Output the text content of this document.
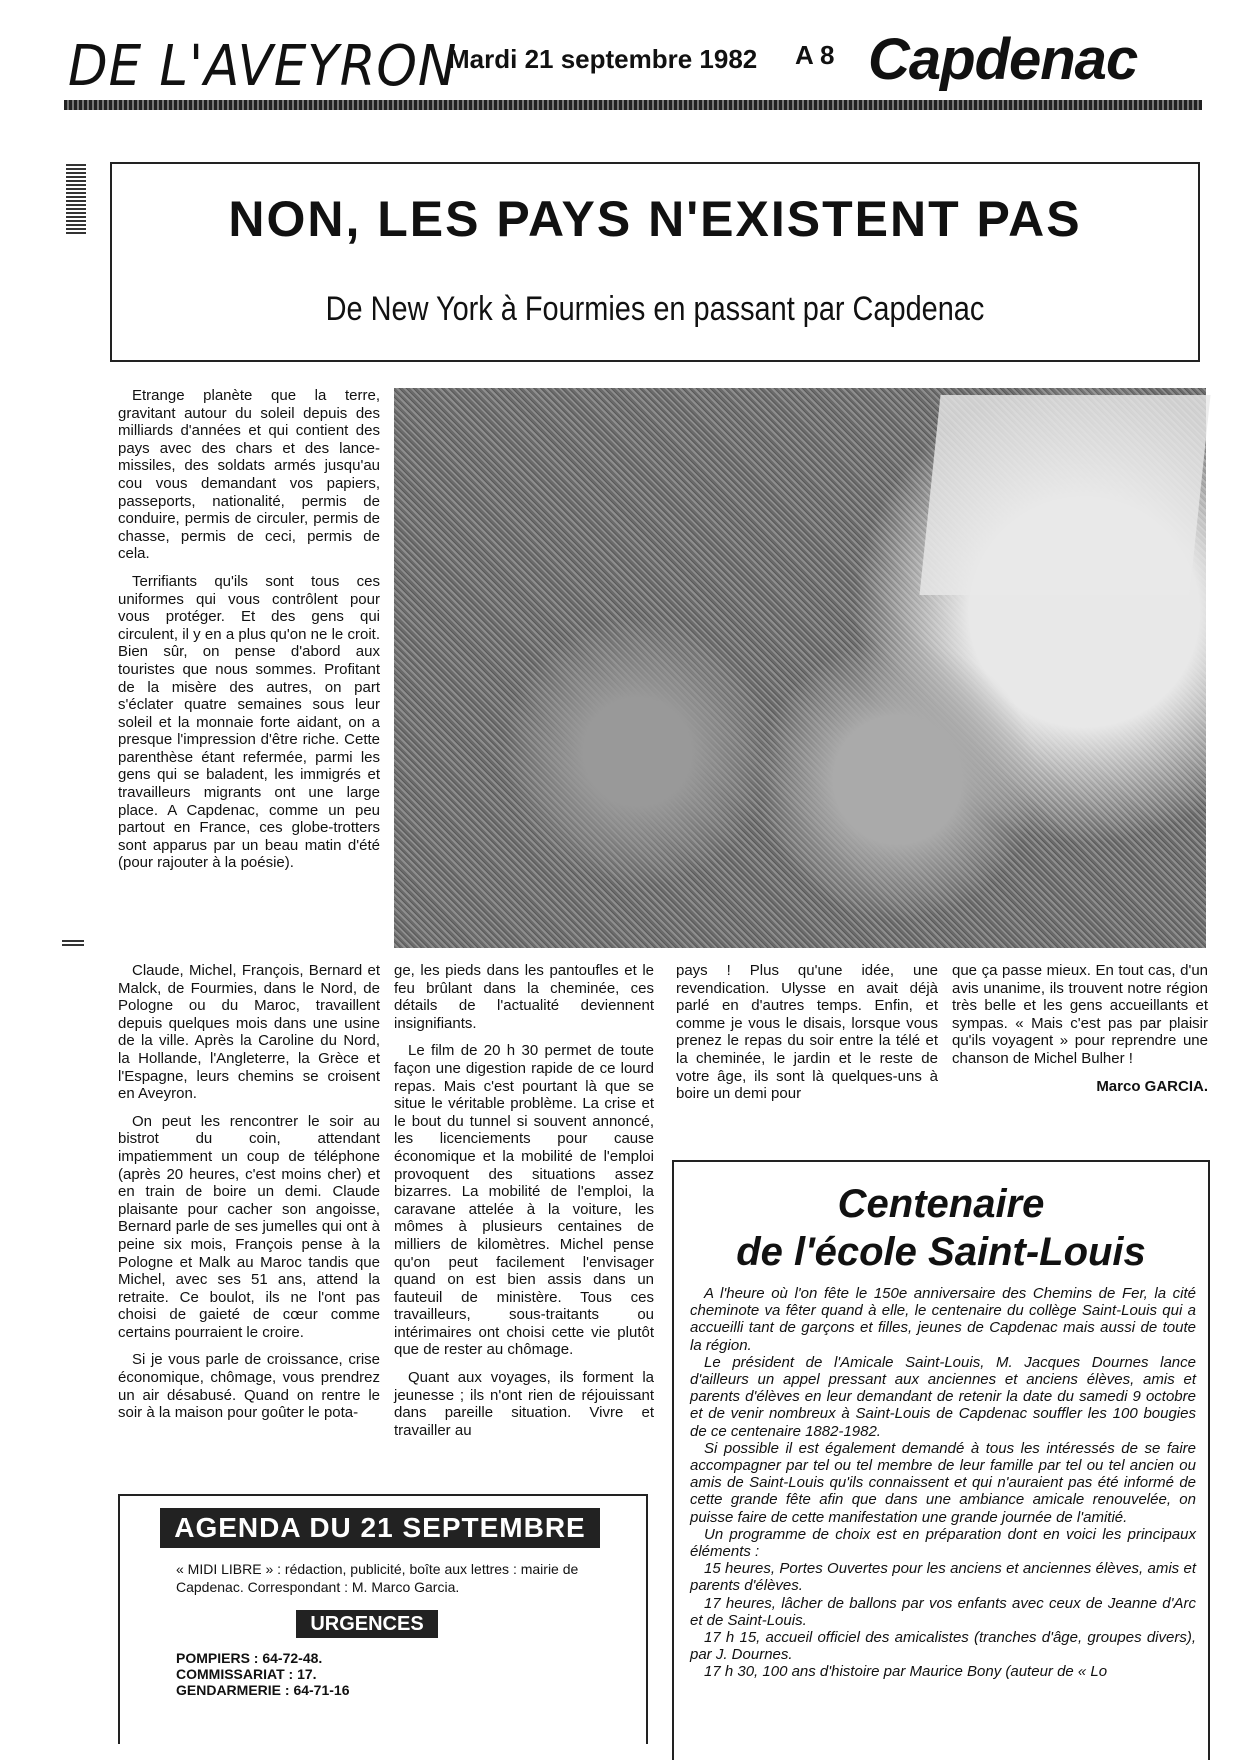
DE L'AVEYRON
Mardi 21 septembre 1982 A 8 Capdenac
NON, LES PAYS N'EXISTENT PAS
De New York à Fourmies en passant par Capdenac

Etrange planète que la terre, gravitant autour du soleil depuis des milliards d'années et qui contient des pays avec des chars et des lance-missiles, des soldats armés jusqu'au cou vous demandant vos papiers, passeports, nationalité, permis de conduire, permis de circuler, permis de chasse, permis de ceci, permis de cela.

Terrifiants qu'ils sont tous ces uniformes qui vous contrôlent pour vous protéger. Et des gens qui circulent, il y en a plus qu'on ne le croit. Bien sûr, on pense d'abord aux touristes que nous sommes. Profitant de la misère des autres, on part s'éclater quatre semaines sous leur soleil et la monnaie forte aidant, on a presque l'impression d'être riche. Cette parenthèse étant refermée, parmi les gens qui se baladent, les immigrés et travailleurs migrants ont une large place. A Capdenac, comme un peu partout en France, ces globe-trotters sont apparus par un beau matin d'été (pour rajouter à la poésie).

Claude, Michel, François, Bernard et Malck, de Fourmies, dans le Nord, de Pologne ou du Maroc, travaillent depuis quelques mois dans une usine de la ville. Après la Caroline du Nord, la Hollande, l'Angleterre, la Grèce et l'Espagne, leurs chemins se croisent en Aveyron.

On peut les rencontrer le soir au bistrot du coin, attendant impatiemment un coup de téléphone (après 20 heures, c'est moins cher) et en train de boire un demi. Claude plaisante pour cacher son angoisse, Bernard parle de ses jumelles qui ont à peine six mois, François pense à la Pologne et Malk au Maroc tandis que Michel, avec ses 51 ans, attend la retraite. Ce boulot, ils ne l'ont pas choisi de gaieté de cœur comme certains pourraient le croire.

Si je vous parle de croissance, crise économique, chômage, vous prendrez un air désabusé. Quand on rentre le soir à la maison pour goûter le pota-

ge, les pieds dans les pantoufles et le feu brûlant dans la cheminée, ces détails de l'actualité deviennent insignifiants.

Le film de 20 h 30 permet de toute façon une digestion rapide de ce lourd repas. Mais c'est pourtant là que se situe le véritable problème. La crise et le bout du tunnel si souvent annoncé, les licenciements pour cause économique et la mobilité de l'emploi provoquent des situations assez bizarres. La mobilité de l'emploi, la caravane attelée à la voiture, les mômes à plusieurs centaines de milliers de kilomètres. Michel pense qu'on peut facilement l'envisager quand on est bien assis dans un fauteuil de ministère. Tous ces travailleurs, sous-traitants ou intérimaires ont choisi cette vie plutôt que de rester au chômage.

Quant aux voyages, ils forment la jeunesse ; ils n'ont rien de réjouissant dans pareille situation. Vivre et travailler au

pays ! Plus qu'une idée, une revendication. Ulysse en avait déjà parlé en d'autres temps. Enfin, et comme je vous le disais, lorsque vous prenez le repas du soir entre la télé et la cheminée, le jardin et le reste de votre âge, ils sont là quelques-uns à boire un demi pour

que ça passe mieux. En tout cas, d'un avis unanime, ils trouvent notre région très belle et les gens accueillants et sympas. « Mais c'est pas par plaisir qu'ils voyagent » pour reprendre une chanson de Michel Bulher !

Marco GARCIA.
AGENDA DU 21 SEPTEMBRE
« MIDI LIBRE » : rédaction, publicité, boîte aux lettres : mairie de Capdenac. Correspondant : M. Marco Garcia.
URGENCES
POMPIERS : 64-72-48.
COMMISSARIAT : 17.
GENDARMERIE : 64-71-16
Centenaire
de l'école Saint-Louis

A l'heure où l'on fête le 150e anniversaire des Chemins de Fer, la cité cheminote va fêter quand à elle, le centenaire du collège Saint-Louis qui a accueilli tant de garçons et filles, jeunes de Capdenac mais aussi de toute la région.

Le président de l'Amicale Saint-Louis, M. Jacques Dournes lance d'ailleurs un appel pressant aux anciennes et anciens élèves, amis et parents d'élèves en leur demandant de retenir la date du samedi 9 octobre et de venir nombreux à Saint-Louis de Capdenac souffler les 100 bougies de ce centenaire 1882-1982.

Si possible il est également demandé à tous les intéressés de se faire accompagner par tel ou tel membre de leur famille par tel ou tel ancien ou amis de Saint-Louis qu'ils connaissent et qui n'auraient pas été informé de cette grande fête afin que dans une ambiance amicale renouvelée, on puisse faire de cette manifestation une grande journée de l'amitié.

Un programme de choix est en préparation dont en voici les principaux éléments :

15 heures, Portes Ouvertes pour les anciens et anciennes élèves, amis et parents d'élèves.

17 heures, lâcher de ballons par vos enfants avec ceux de Jeanne d'Arc et de Saint-Louis.

17 h 15, accueil officiel des amicalistes (tranches d'âge, groupes divers), par J. Dournes.

17 h 30, 100 ans d'histoire par Maurice Bony (auteur de « Lo
